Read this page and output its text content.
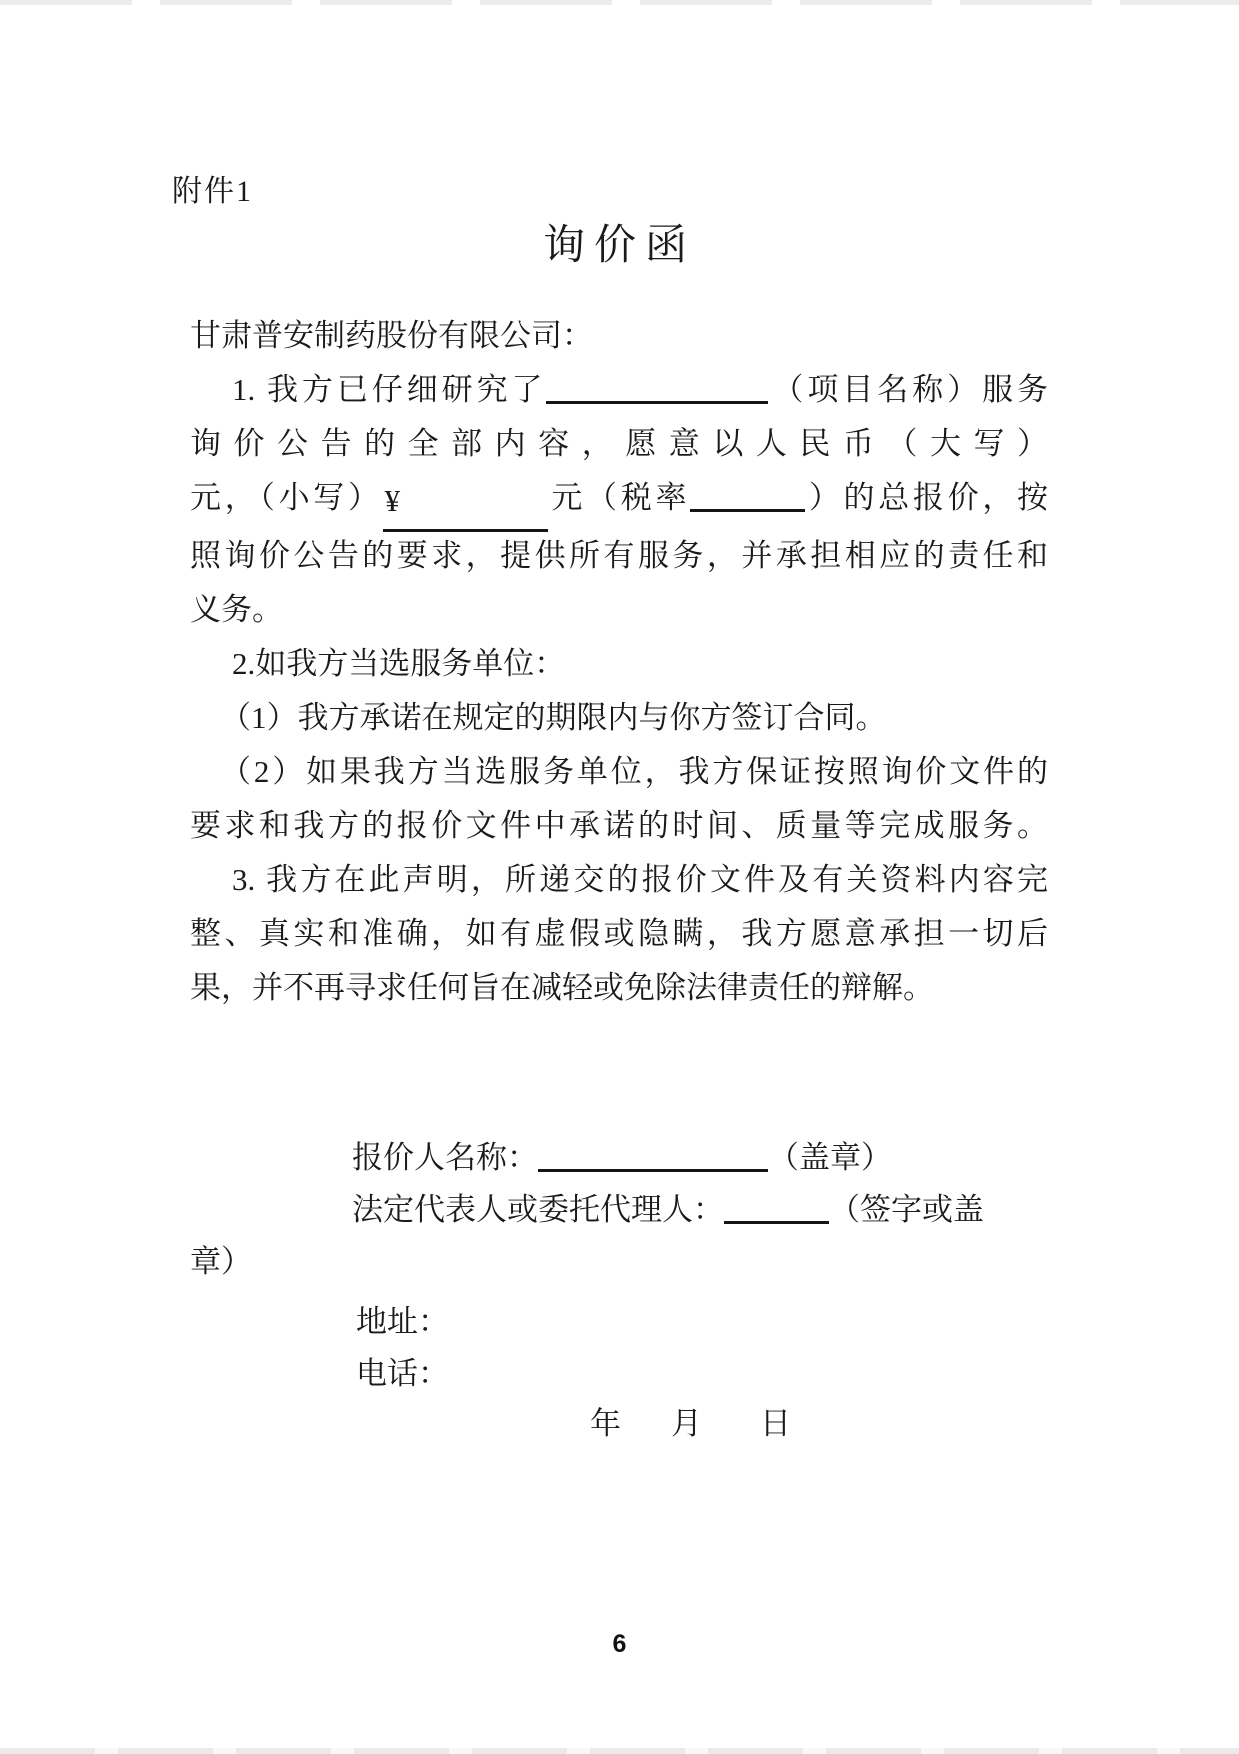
附件1
询价函
甘肃普安制药股份有限公司：
1. 我方已仔细研究了	（项目名称）服务
询价公告的全部内容，愿意以人民币（大写）
元，（小写）¥	元（税率	）的总报价，按
照询价公告的要求，提供所有服务，并承担相应的责任和
义务。
2.如我方当选服务单位：
（1）我方承诺在规定的期限内与你方签订合同。
（2）如果我方当选服务单位，我方保证按照询价文件的
要求和我方的报价文件中承诺的时间、质量等完成服务。
3. 我方在此声明，所递交的报价文件及有关资料内容完
整、真实和准确，如有虚假或隐瞒，我方愿意承担一切后
果，并不再寻求任何旨在减轻或免除法律责任的辩解。
报价人名称：	（盖章）
法定代表人或委托代理人：	（签字或盖
章）
地址：
电话：
年 月 日
6
